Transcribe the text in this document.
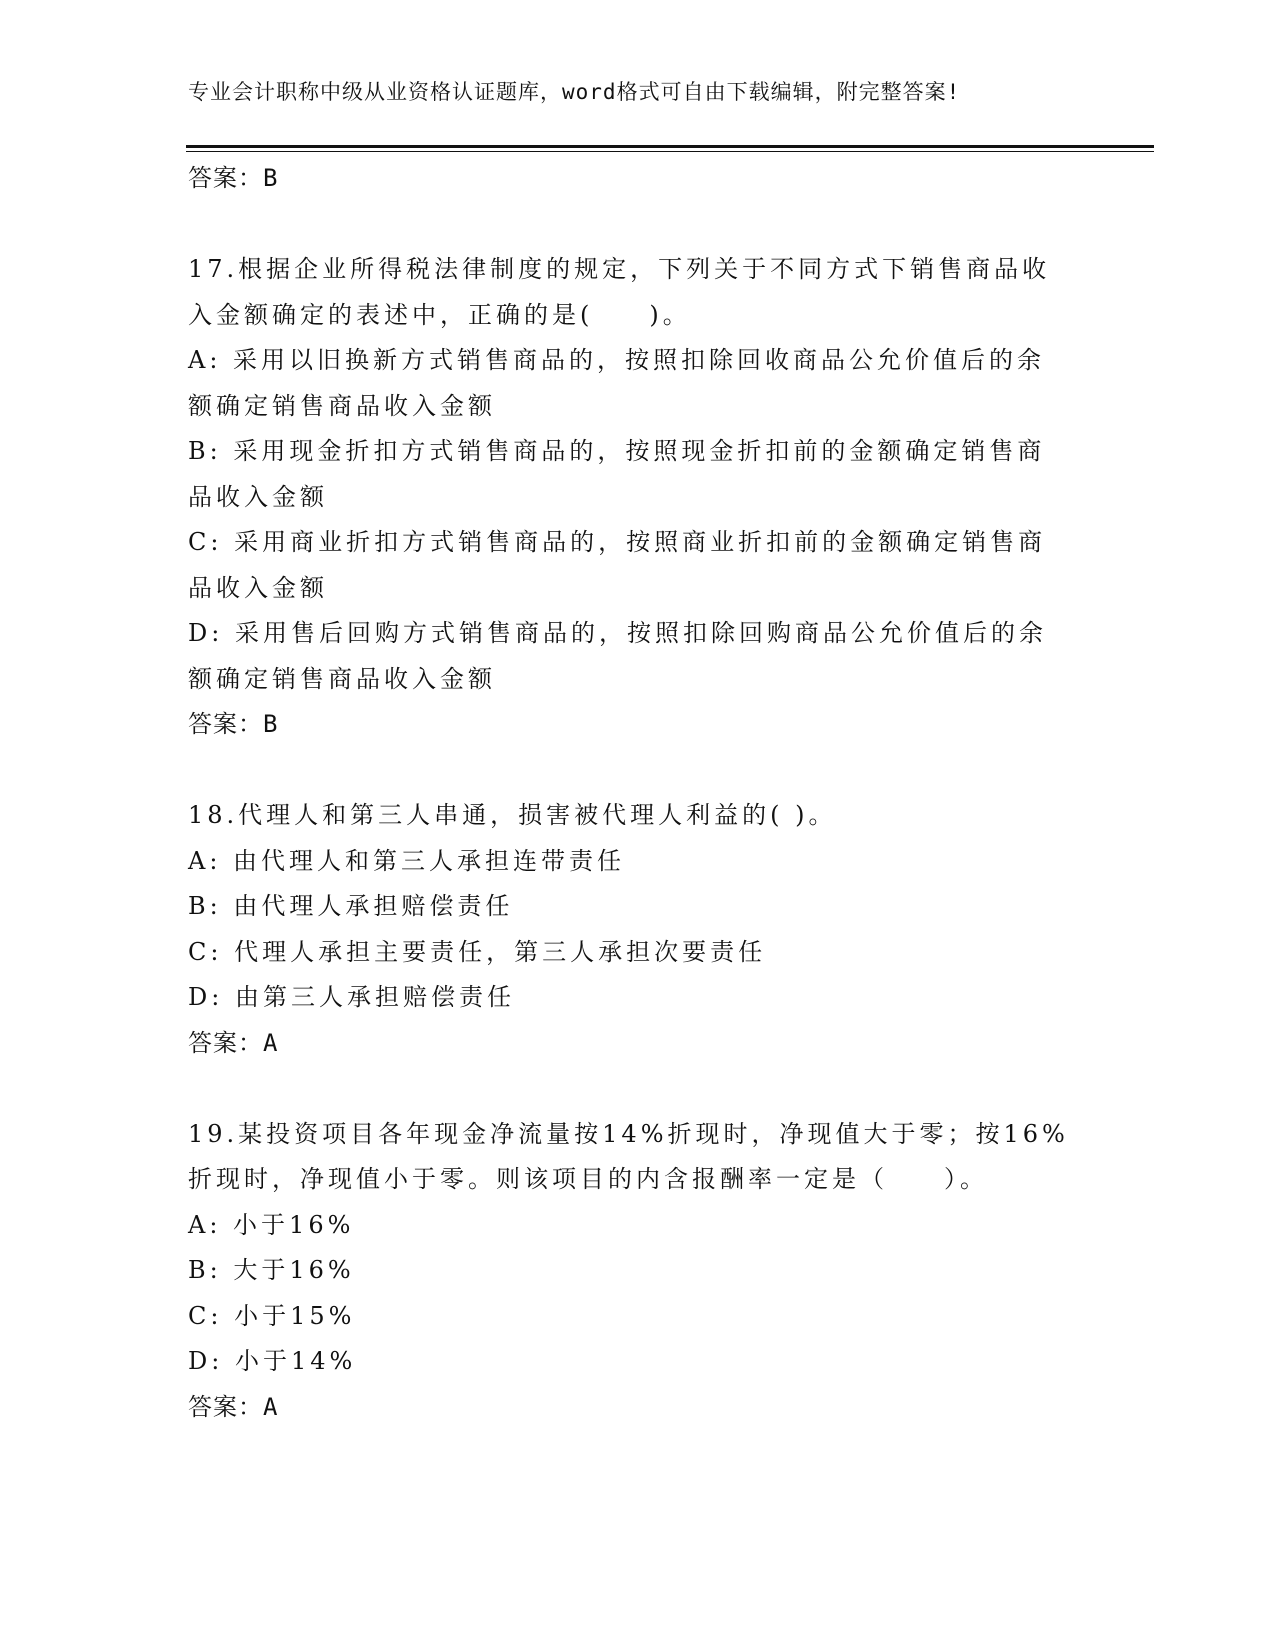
专业会计职称中级从业资格认证题库，word格式可自由下载编辑，附完整答案!
答案：B
17.根据企业所得税法律制度的规定，下列关于不同方式下销售商品收
入金额确定的表述中，正确的是(　　)。
A: 采用以旧换新方式销售商品的，按照扣除回收商品公允价值后的余
额确定销售商品收入金额
B: 采用现金折扣方式销售商品的，按照现金折扣前的金额确定销售商
品收入金额
C: 采用商业折扣方式销售商品的，按照商业折扣前的金额确定销售商
品收入金额
D: 采用售后回购方式销售商品的，按照扣除回购商品公允价值后的余
额确定销售商品收入金额
答案：B
18.代理人和第三人串通，损害被代理人利益的( )。
A: 由代理人和第三人承担连带责任
B: 由代理人承担赔偿责任
C: 代理人承担主要责任，第三人承担次要责任
D: 由第三人承担赔偿责任
答案：A
19.某投资项目各年现金净流量按14%折现时，净现值大于零；按16%
折现时，净现值小于零。则该项目的内含报酬率一定是（　　）。
A: 小于16%
B: 大于16%
C: 小于15%
D: 小于14%
答案：A
